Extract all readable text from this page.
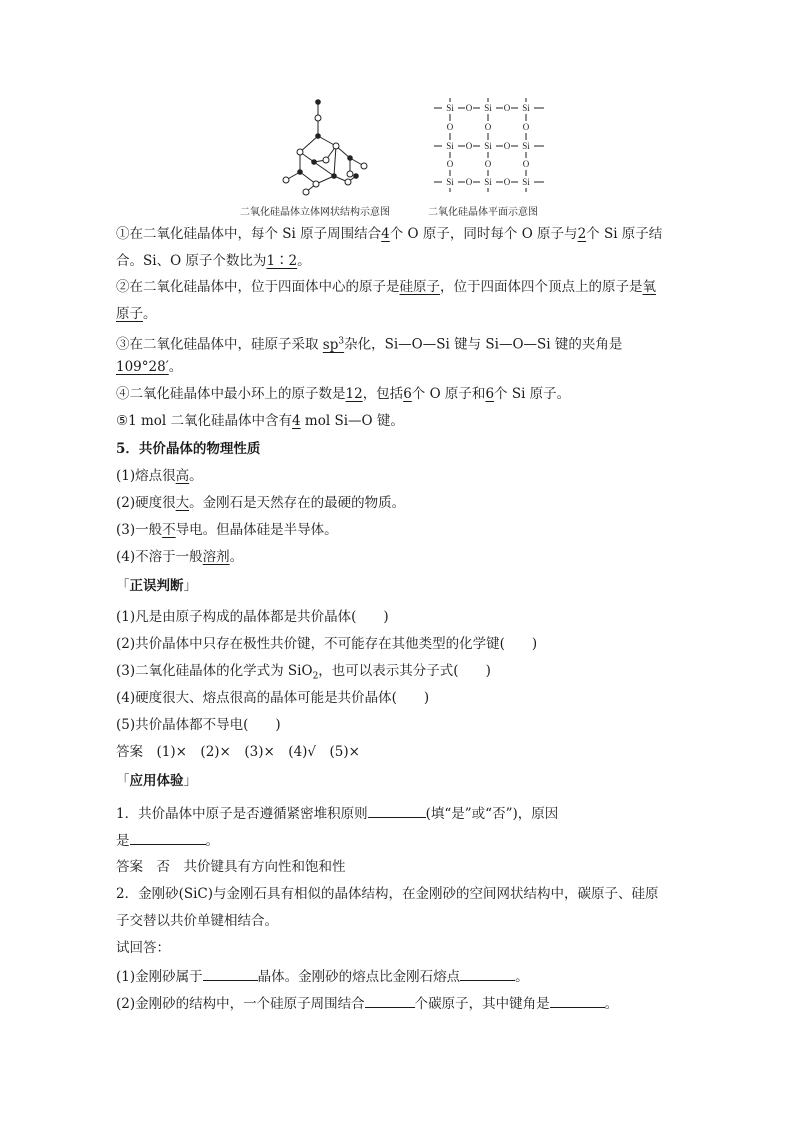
二氧化硅晶体立体网状结构示意图
Si O Si O Si
Si O Si O Si
Si O Si O Si
O	O	O
O	O	O
二氧化硅晶体平面示意图
①在二氧化硅晶体中，每个 Si 原子周围结合4个 O 原子，同时每个 O 原子与2个 Si 原子结
合。Si、O 原子个数比为1∶2。
②在二氧化硅晶体中，位于四面体中心的原子是硅原子，位于四面体四个顶点上的原子是氧
原子。
③在二氧化硅晶体中，硅原子采取 $sp^3$杂化，Si—O—Si 键与 Si—O—Si 键的夹角是
109°28′。
④二氧化硅晶体中最小环上的原子数是12，包括6个 O 原子和6个 Si 原子。
⑤1 mol 二氧化硅晶体中含有4 mol Si—O 键。
5．共价晶体的物理性质
(1)熔点很高。
(2)硬度很大。金刚石是天然存在的最硬的物质。
(3)一般不导电。但晶体硅是半导体。
(4)不溶于一般溶剂。
「正误判断」
(1)凡是由原子构成的晶体都是共价晶体(　　)
(2)共价晶体中只存在极性共价键，不可能存在其他类型的化学键(　　)
(3)二氧化硅晶体的化学式为 SiO$_2$，也可以表示其分子式(　　)
(4)硬度很大、熔点很高的晶体可能是共价晶体(　　)
(5)共价晶体都不导电(　　)
答案　(1)×　(2)×　(3)×　(4)√　(5)×
「应用体验」
1．共价晶体中原子是否遵循紧密堆积原则	(填“是”或“否”)，原因
是	。
答案　否　共价键具有方向性和饱和性
2．金刚砂(SiC)与金刚石具有相似的晶体结构，在金刚砂的空间网状结构中，碳原子、硅原
子交替以共价单键相结合。
试回答：
(1)金刚砂属于	晶体。金刚砂的熔点比金刚石熔点	。
(2)金刚砂的结构中，一个硅原子周围结合	个碳原子，其中键角是	。
